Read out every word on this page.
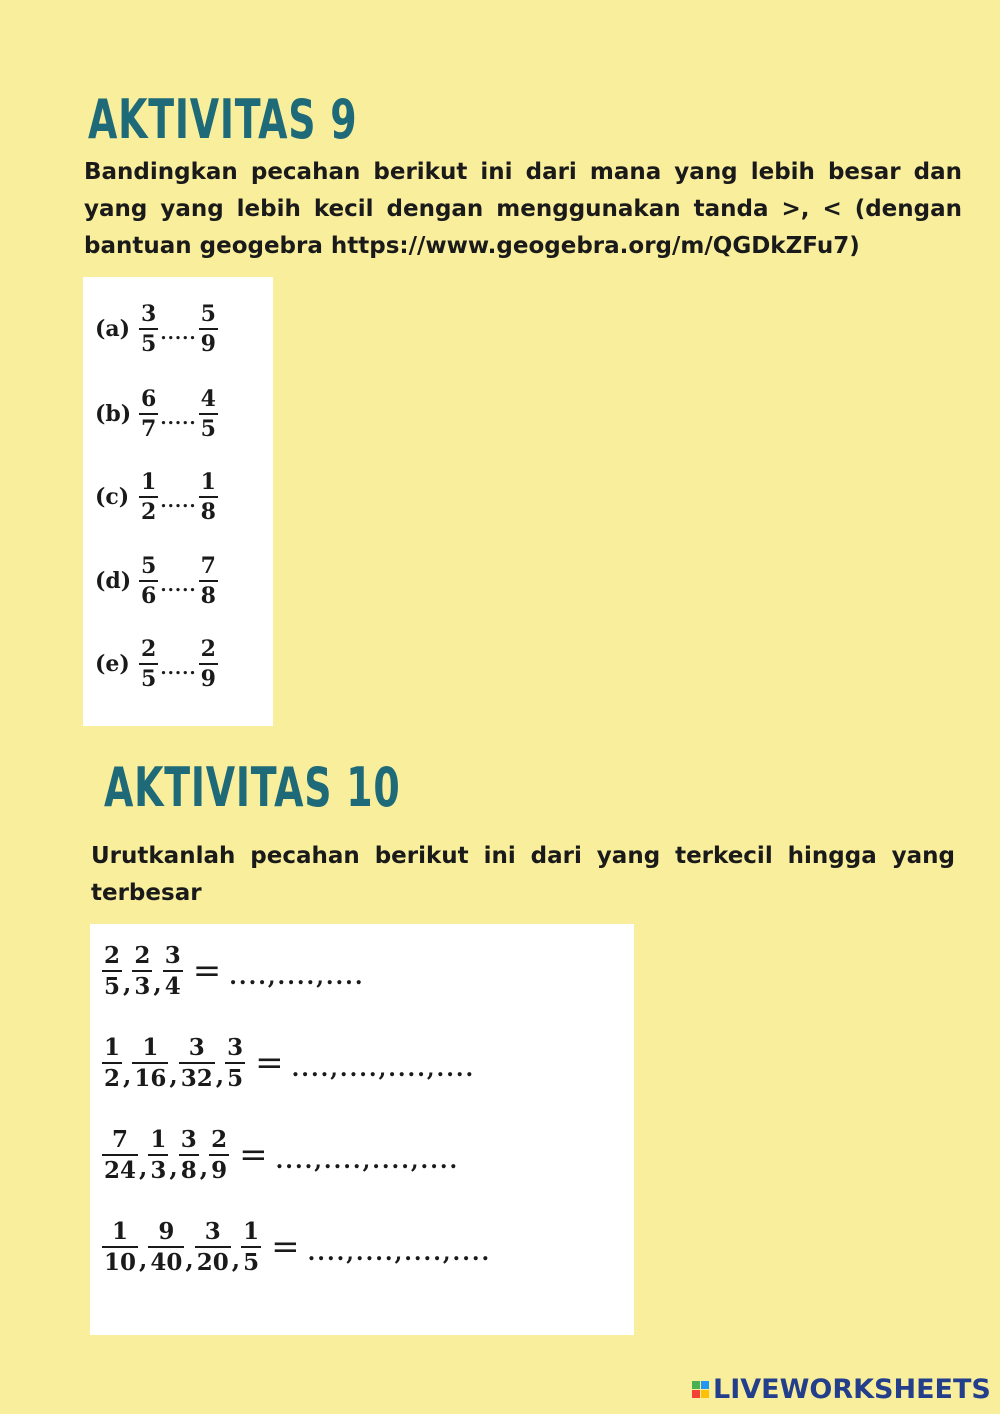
AKTIVITAS 9

Bandingkan pecahan berikut ini dari mana yang lebih besar dan
yang yang lebih kecil dengan menggunakan tanda >, < (dengan
bantuan geogebra https://www.geogebra.org/m/QGDkZFu7)

$(a) \frac{3}{5}$ ..... $\frac{5}{9}$
$(b) \frac{6}{7}$ ..... $\frac{4}{5}$
$(c) \frac{1}{2}$ ..... $\frac{1}{8}$
$(d) \frac{5}{6}$ ..... $\frac{7}{8}$
$(e) \frac{2}{5}$ ..... $\frac{2}{9}$
AKTIVITAS 10

Urutkanlah pecahan berikut ini dari yang terkecil hingga yang
terbesar

$\frac{2}{5}$ , $\frac{2}{3}$ , $\frac{3}{4}$ = ....,....,....
$\frac{1}{2}$ , $\frac{1}{16}$ , $\frac{3}{32}$ , $\frac{3}{5}$ = ....,....,....,....
$\frac{7}{24}$ , $\frac{1}{3}$ , $\frac{3}{8}$ , $\frac{2}{9}$ = ....,....,....,....
$\frac{1}{10}$ , $\frac{9}{40}$ , $\frac{3}{20}$ , $\frac{1}{5}$ = ....,....,....,....
LIVEWORKSHEETS
